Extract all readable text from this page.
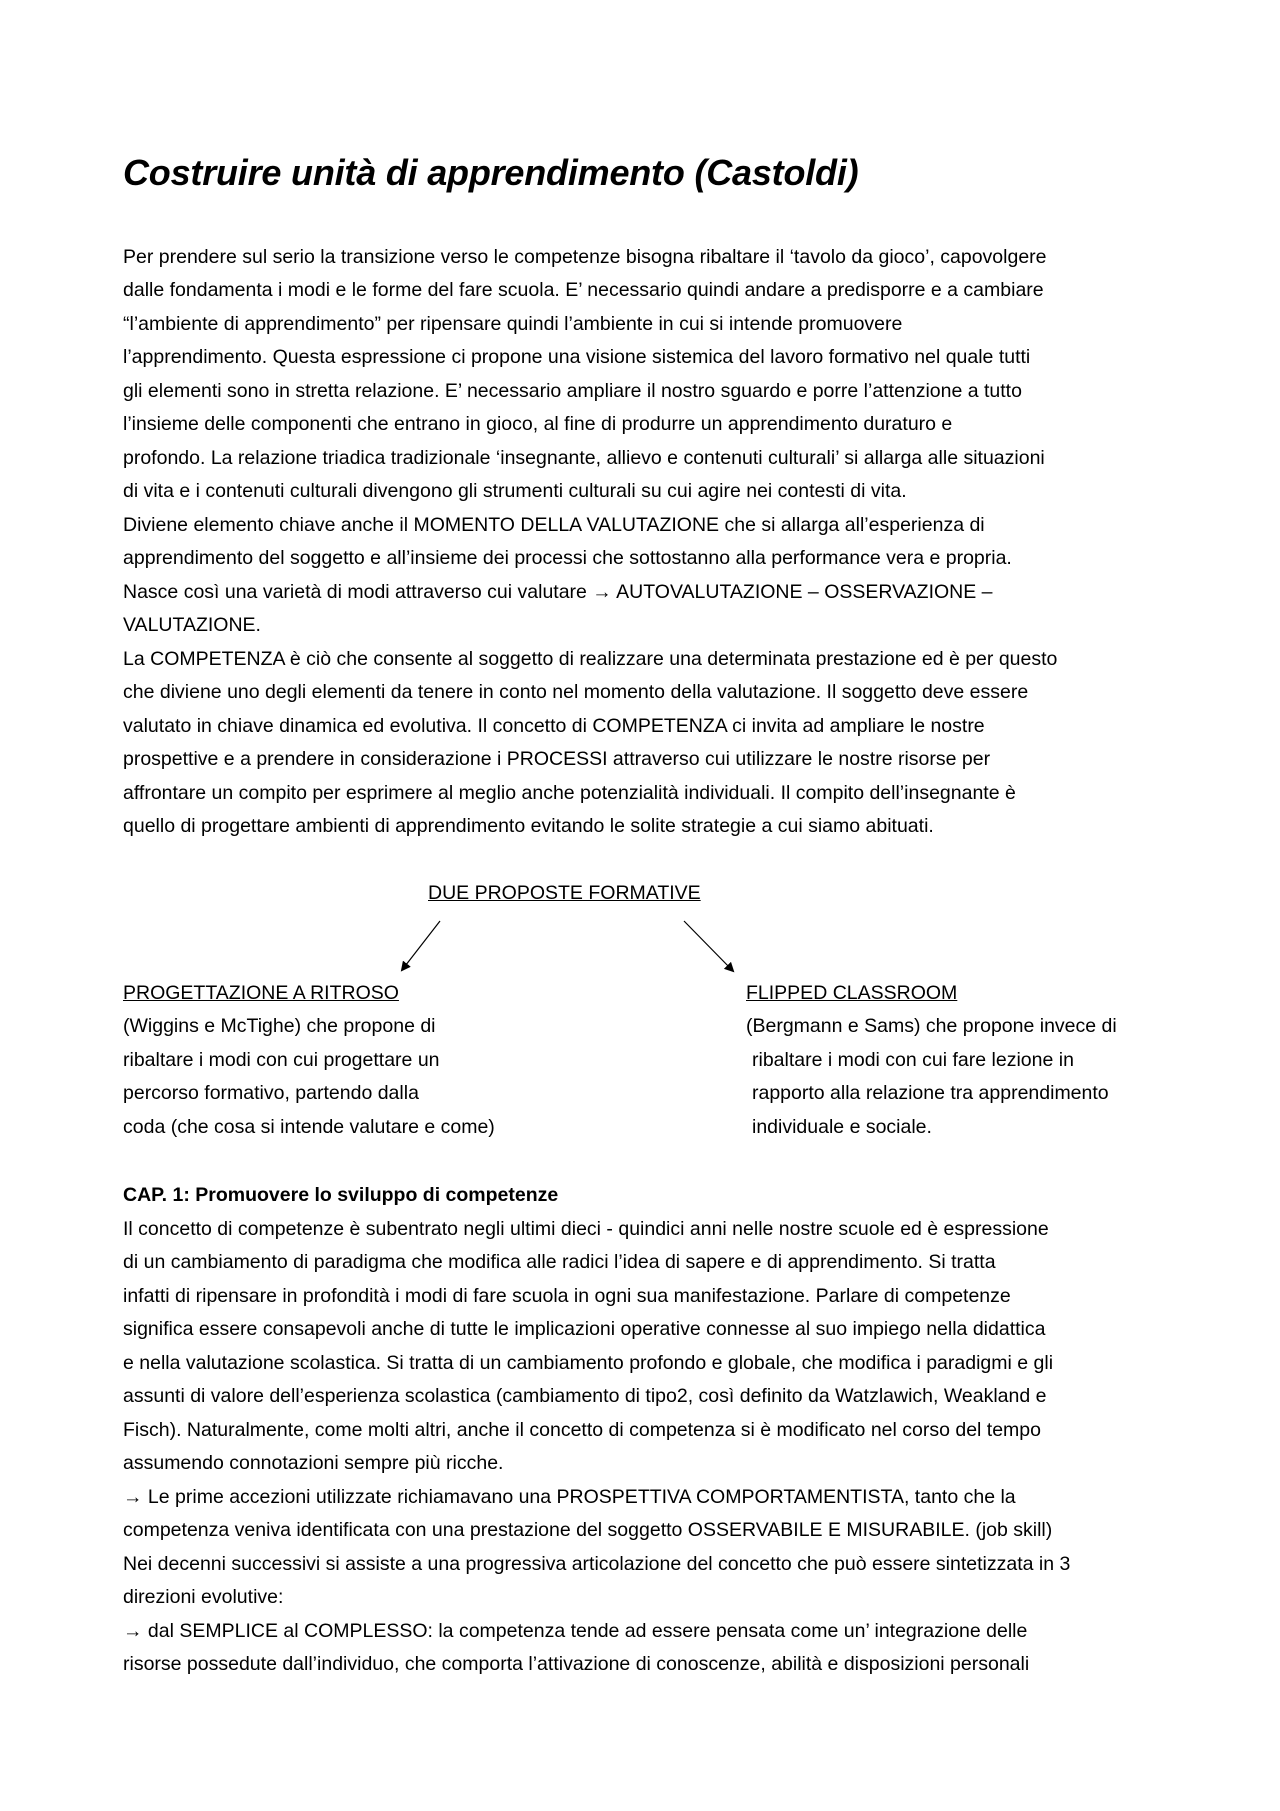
Costruire unità di apprendimento (Castoldi)
Per prendere sul serio la transizione verso le competenze bisogna ribaltare il ‘tavolo da gioco’, capovolgere
dalle fondamenta i modi e le forme del fare scuola. E’ necessario quindi andare a predisporre e a cambiare
“l’ambiente di apprendimento” per ripensare quindi l’ambiente in cui si intende promuovere
l’apprendimento. Questa espressione ci propone una visione sistemica del lavoro formativo nel quale tutti
gli elementi sono in stretta relazione. E’ necessario ampliare il nostro sguardo e porre l’attenzione a tutto
l’insieme delle componenti che entrano in gioco, al fine di produrre un apprendimento duraturo e
profondo. La relazione triadica tradizionale ‘insegnante, allievo e contenuti culturali’ si allarga alle situazioni
di vita e i contenuti culturali divengono gli strumenti culturali su cui agire nei contesti di vita.
Diviene elemento chiave anche il MOMENTO DELLA VALUTAZIONE che si allarga all’esperienza di
apprendimento del soggetto e all’insieme dei processi che sottostanno alla performance vera e propria.
Nasce così una varietà di modi attraverso cui valutare → AUTOVALUTAZIONE – OSSERVAZIONE –
VALUTAZIONE.
La COMPETENZA è ciò che consente al soggetto di realizzare una determinata prestazione ed è per questo
che diviene uno degli elementi da tenere in conto nel momento della valutazione. Il soggetto deve essere
valutato in chiave dinamica ed evolutiva. Il concetto di COMPETENZA ci invita ad ampliare le nostre
prospettive e a prendere in considerazione i PROCESSI attraverso cui utilizzare le nostre risorse per
affrontare un compito per esprimere al meglio anche potenzialità individuali. Il compito dell’insegnante è
quello di progettare ambienti di apprendimento evitando le solite strategie a cui siamo abituati.
DUE PROPOSTE FORMATIVE
PROGETTAZIONE A RITROSO
(Wiggins e McTighe) che propone di
ribaltare i modi con cui progettare un
percorso formativo, partendo dalla
coda (che cosa si intende valutare e come)
FLIPPED CLASSROOM
(Bergmann e Sams) che propone invece di
ribaltare i modi con cui fare lezione in
rapporto alla relazione tra apprendimento
individuale e sociale.
CAP. 1: Promuovere lo sviluppo di competenze
Il concetto di competenze è subentrato negli ultimi dieci - quindici anni nelle nostre scuole ed è espressione
di un cambiamento di paradigma che modifica alle radici l’idea di sapere e di apprendimento. Si tratta
infatti di ripensare in profondità i modi di fare scuola in ogni sua manifestazione. Parlare di competenze
significa essere consapevoli anche di tutte le implicazioni operative connesse al suo impiego nella didattica
e nella valutazione scolastica. Si tratta di un cambiamento profondo e globale, che modifica i paradigmi e gli
assunti di valore dell’esperienza scolastica (cambiamento di tipo2, così definito da Watzlawich, Weakland e
Fisch). Naturalmente, come molti altri, anche il concetto di competenza si è modificato nel corso del tempo
assumendo connotazioni sempre più ricche.
→ Le prime accezioni utilizzate richiamavano una PROSPETTIVA COMPORTAMENTISTA, tanto che la
competenza veniva identificata con una prestazione del soggetto OSSERVABILE E MISURABILE. (job skill)
Nei decenni successivi si assiste a una progressiva articolazione del concetto che può essere sintetizzata in 3
direzioni evolutive:
→ dal SEMPLICE al COMPLESSO: la competenza tende ad essere pensata come un’ integrazione delle
risorse possedute dall’individuo, che comporta l’attivazione di conoscenze, abilità e disposizioni personali
